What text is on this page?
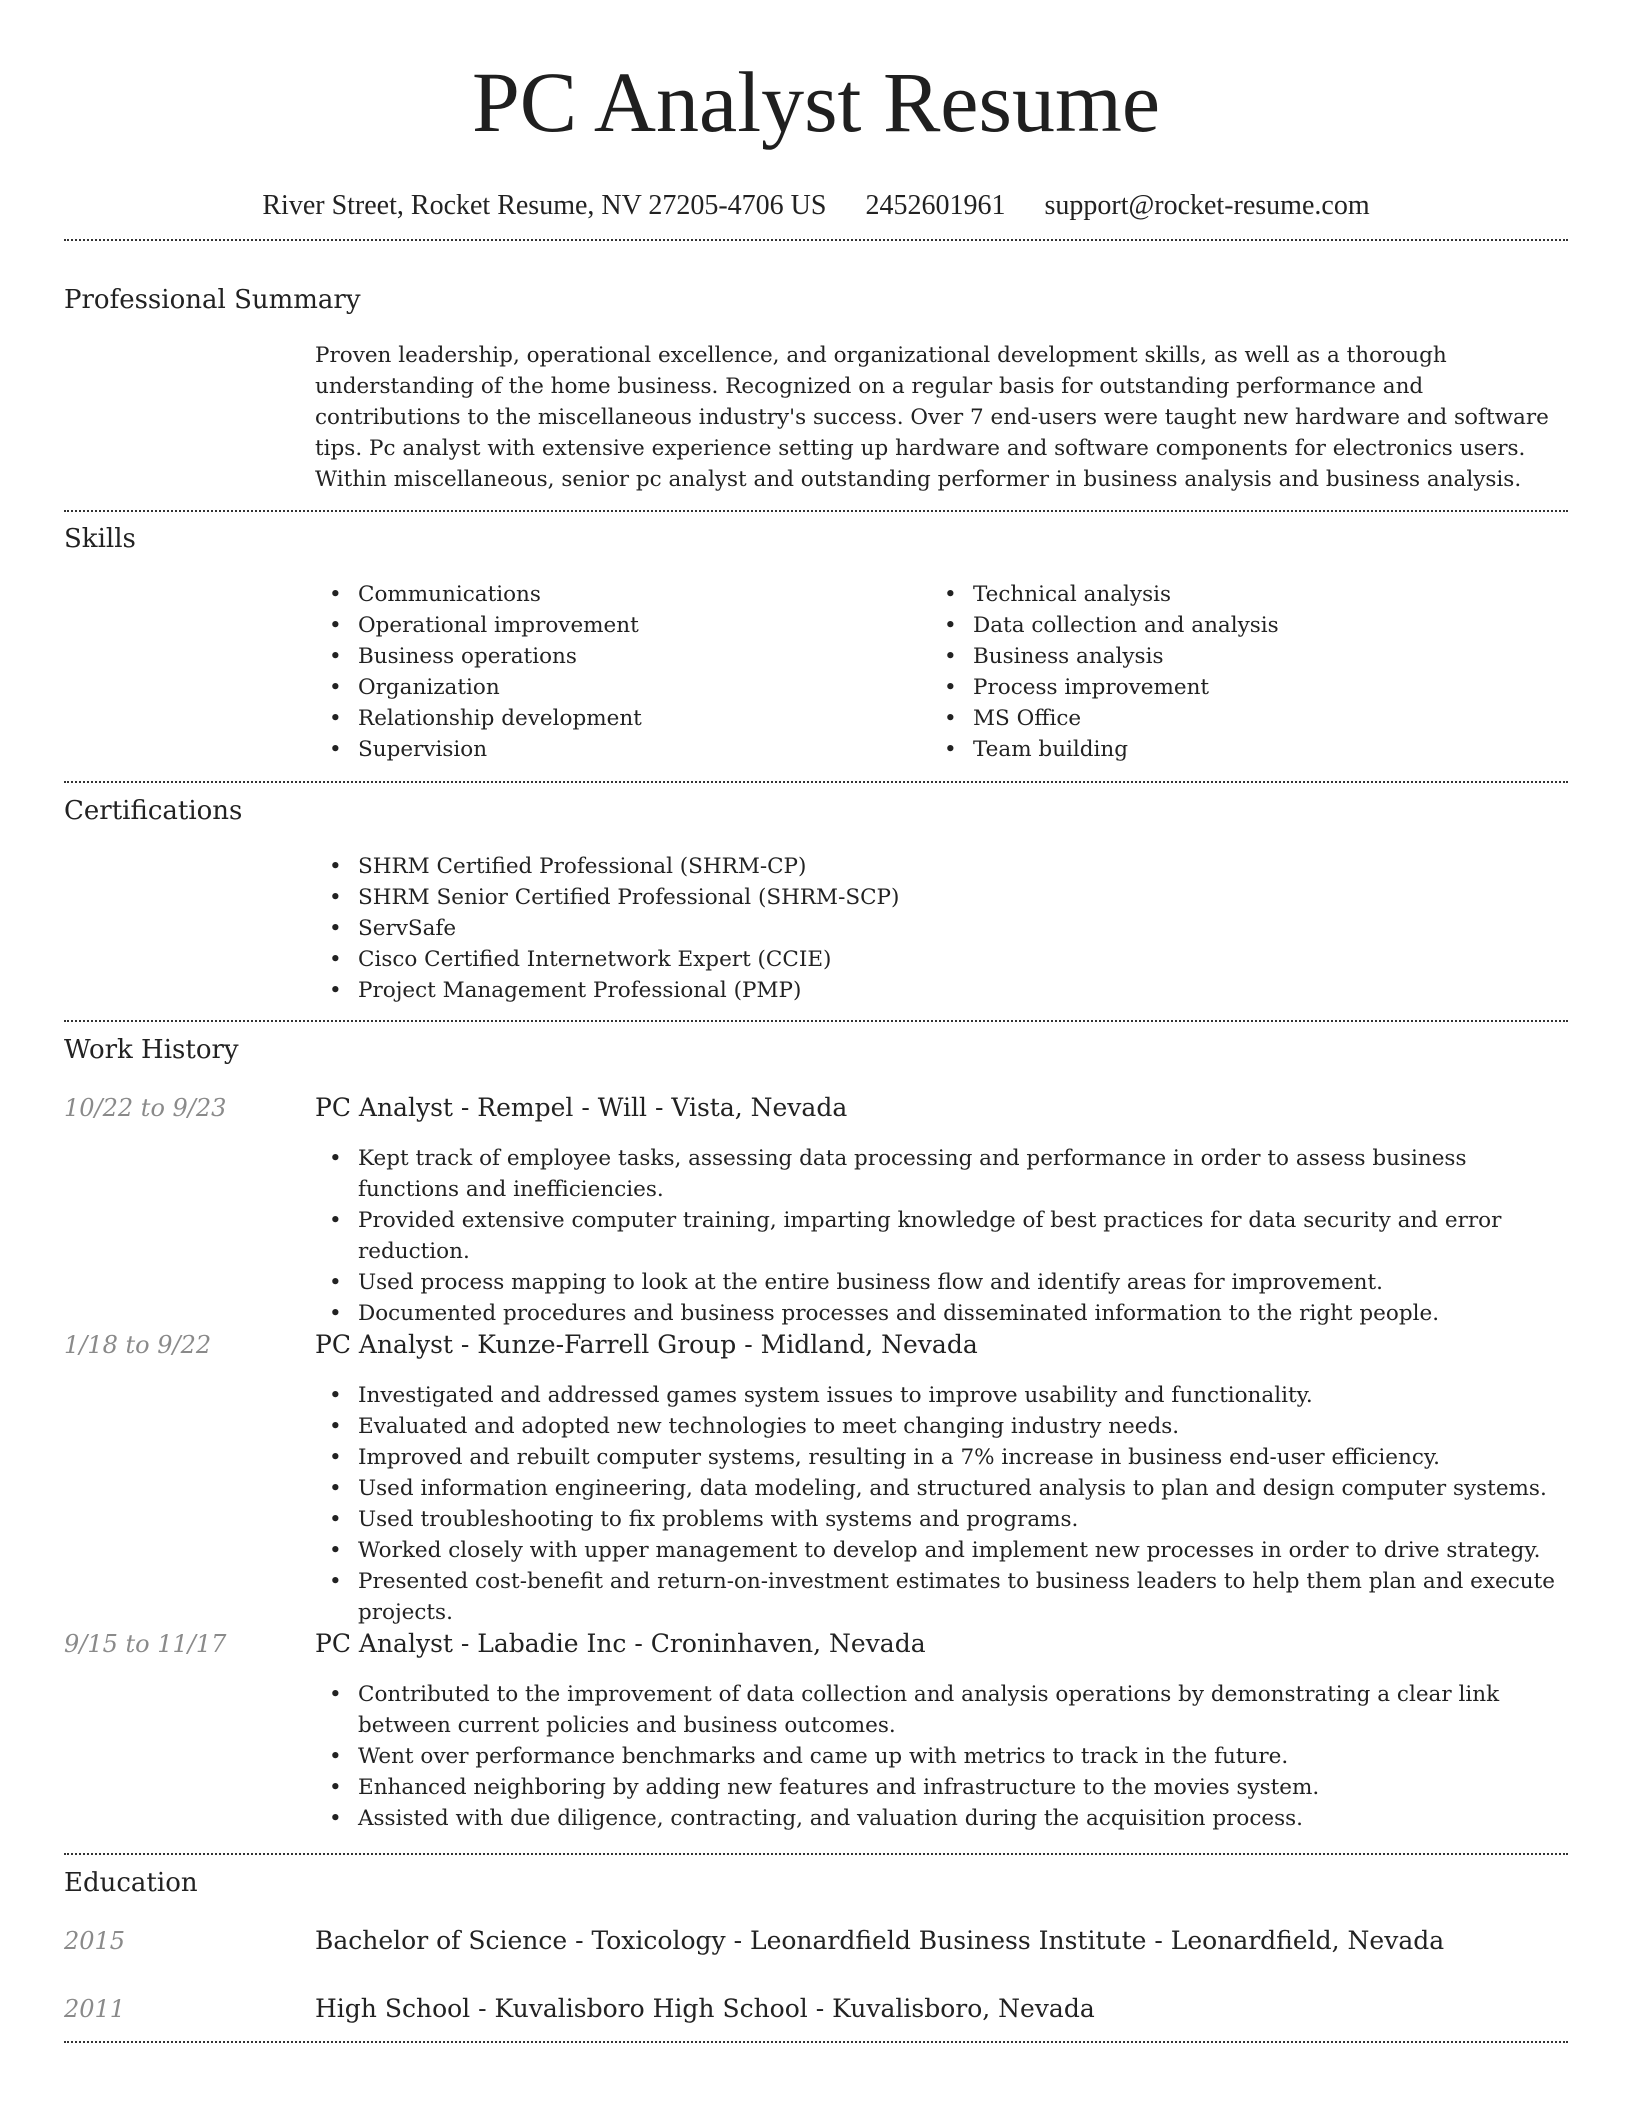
PC Analyst Resume
River Street, Rocket Resume, NV 27205-4706 US 2452601961 support@rocket-resume.com
Professional Summary
Proven leadership, operational excellence, and organizational development skills, as well as a thorough understanding of the home business. Recognized on a regular basis for outstanding performance and contributions to the miscellaneous industry's success. Over 7 end-users were taught new hardware and software tips. Pc analyst with extensive experience setting up hardware and software components for electronics users. Within miscellaneous, senior pc analyst and outstanding performer in business analysis and business analysis.
Skills
• Communications
• Operational improvement
• Business operations
• Organization
• Relationship development
• Supervision
• Technical analysis
• Data collection and analysis
• Business analysis
• Process improvement
• MS Office
• Team building
Certifications
• SHRM Certified Professional (SHRM-CP)
• SHRM Senior Certified Professional (SHRM-SCP)
• ServSafe
• Cisco Certified Internetwork Expert (CCIE)
• Project Management Professional (PMP)
Work History
10/22 to 9/23	PC Analyst - Rempel - Will - Vista, Nevada
• Kept track of employee tasks, assessing data processing and performance in order to assess business functions and inefficiencies.
• Provided extensive computer training, imparting knowledge of best practices for data security and error reduction.
• Used process mapping to look at the entire business flow and identify areas for improvement.
• Documented procedures and business processes and disseminated information to the right people.
1/18 to 9/22	PC Analyst - Kunze-Farrell Group - Midland, Nevada
• Investigated and addressed games system issues to improve usability and functionality.
• Evaluated and adopted new technologies to meet changing industry needs.
• Improved and rebuilt computer systems, resulting in a 7% increase in business end-user efficiency.
• Used information engineering, data modeling, and structured analysis to plan and design computer systems.
• Used troubleshooting to fix problems with systems and programs.
• Worked closely with upper management to develop and implement new processes in order to drive strategy.
• Presented cost-benefit and return-on-investment estimates to business leaders to help them plan and execute projects.
9/15 to 11/17	PC Analyst - Labadie Inc - Croninhaven, Nevada
• Contributed to the improvement of data collection and analysis operations by demonstrating a clear link between current policies and business outcomes.
• Went over performance benchmarks and came up with metrics to track in the future.
• Enhanced neighboring by adding new features and infrastructure to the movies system.
• Assisted with due diligence, contracting, and valuation during the acquisition process.
Education
2015	Bachelor of Science - Toxicology - Leonardfield Business Institute - Leonardfield, Nevada
2011	High School - Kuvalisboro High School - Kuvalisboro, Nevada
